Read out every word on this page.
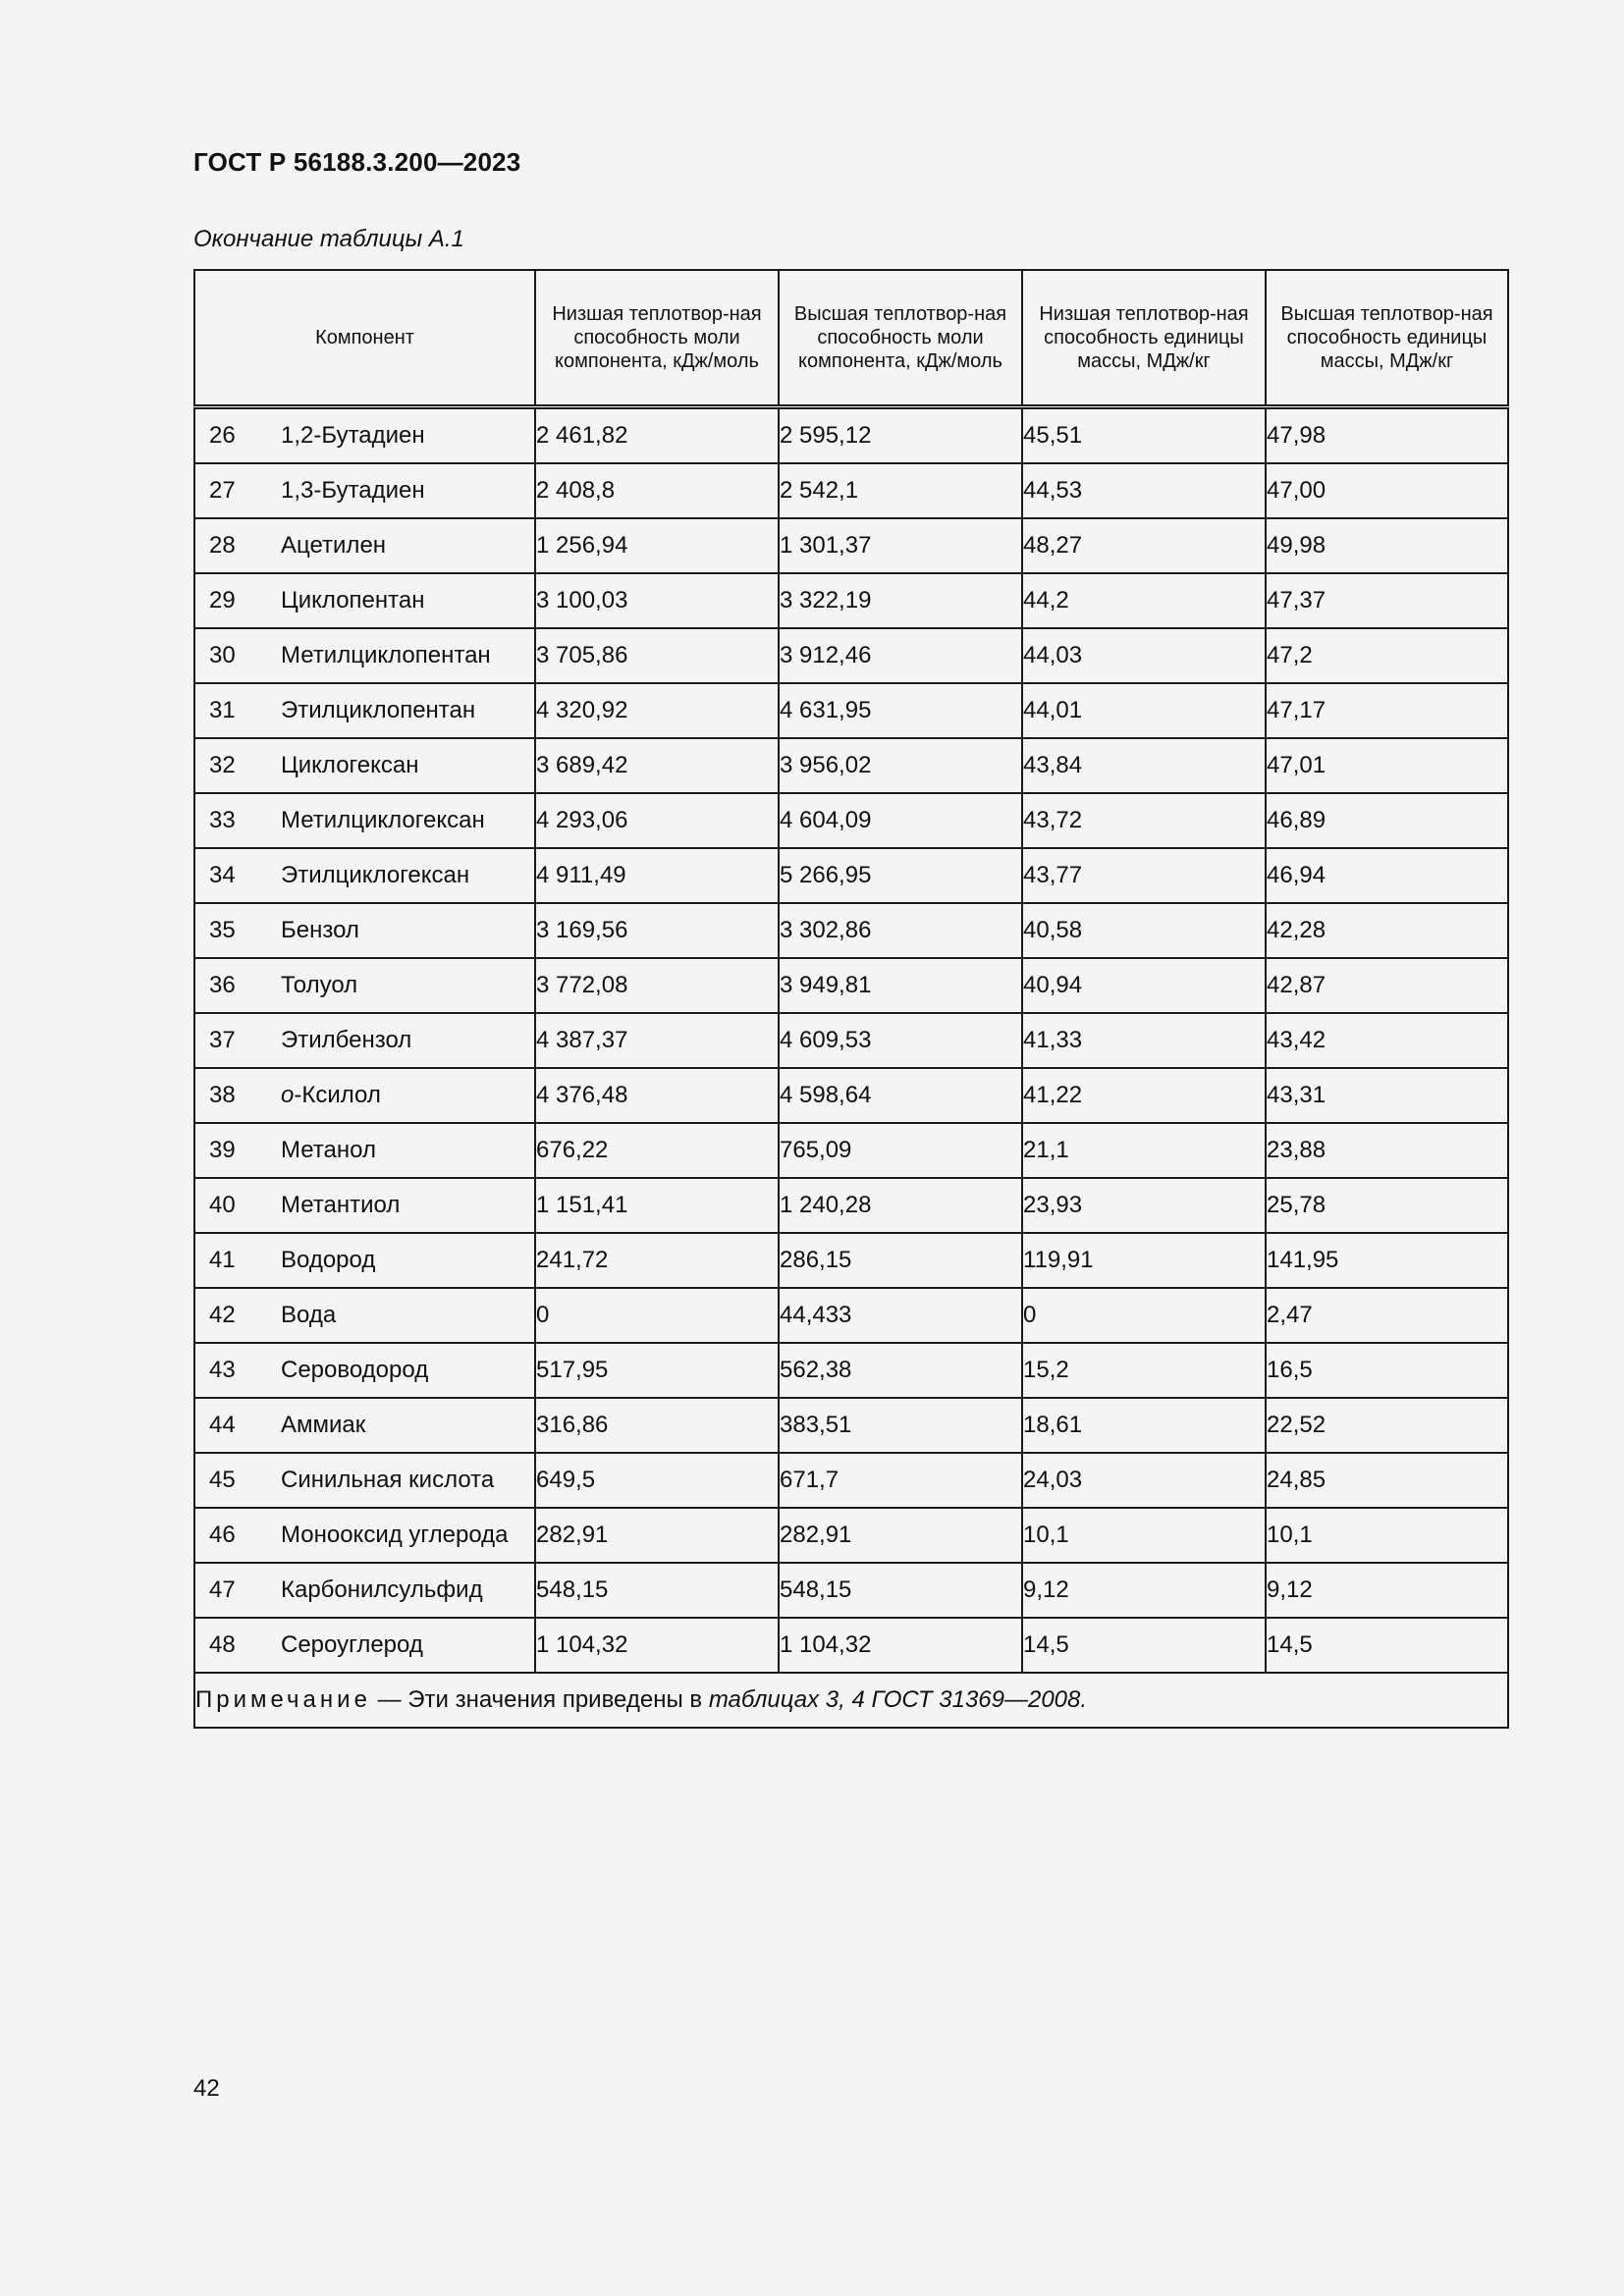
ГОСТ Р 56188.3.200—2023
Окончание таблицы А.1
Компонент	Низшая теплотвор-ная способность моли компонента, кДж/моль	Высшая теплотвор-ная способность моли компонента, кДж/моль	Низшая теплотвор-ная способность единицы массы, МДж/кг	Высшая теплотвор-ная способность единицы массы, МДж/кг

26 1,2-Бутадиен	2 461,82	2 595,12	45,51	47,98

27 1,3-Бутадиен	2 408,8	2 542,1	44,53	47,00

28 Ацетилен	1 256,94	1 301,37	48,27	49,98

29 Циклопентан	3 100,03	3 322,19	44,2	47,37

30 Метилциклопентан	3 705,86	3 912,46	44,03	47,2

31 Этилциклопентан	4 320,92	4 631,95	44,01	47,17

32 Циклогексан	3 689,42	3 956,02	43,84	47,01

33 Метилциклогексан	4 293,06	4 604,09	43,72	46,89

34 Этилциклогексан	4 911,49	5 266,95	43,77	46,94

35 Бензол	3 169,56	3 302,86	40,58	42,28

36 Толуол	3 772,08	3 949,81	40,94	42,87

37 Этилбензол	4 387,37	4 609,53	41,33	43,42

38 о-Ксилол	4 376,48	4 598,64	41,22	43,31

39 Метанол	676,22	765,09	21,1	23,88

40 Метантиол	1 151,41	1 240,28	23,93	25,78

41 Водород	241,72	286,15	119,91	141,95

42 Вода	0	44,433	0	2,47

43 Сероводород	517,95	562,38	15,2	16,5

44 Аммиак	316,86	383,51	18,61	22,52

45 Синильная кислота	649,5	671,7	24,03	24,85

46 Монооксид углерода	282,91	282,91	10,1	10,1

47 Карбонилсульфид	548,15	548,15	9,12	9,12

48 Сероуглерод	1 104,32	1 104,32	14,5	14,5
Примечание — Эти значения приведены в таблицах 3, 4 ГОСТ 31369—2008.				
42
